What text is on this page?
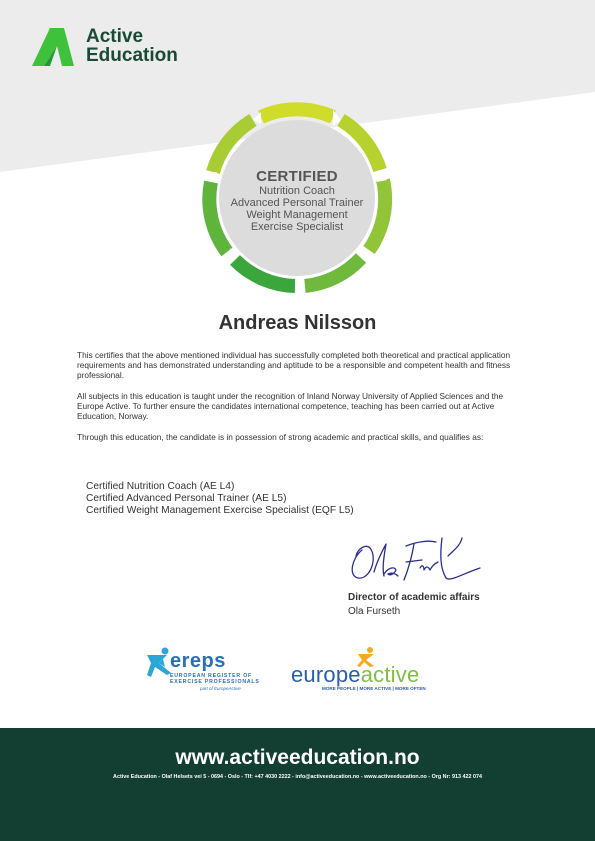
Active
Education
CERTIFIED
Nutrition Coach
Advanced Personal Trainer
Weight Management
Exercise Specialist
Andreas Nilsson

This certifies that the above mentioned individual has successfully completed both theoretical and practical application requirements and has demonstrated understanding and aptitude to be a responsible and competent health and fitness professional.

All subjects in this education is taught under the recognition of Inland Norway University of Applied Sciences and the Europe Active. To further ensure the candidates international competence, teaching has been carried out at Active Education, Norway.

Through this education, the candidate is in possession of strong academic and practical skills, and qualifies as:

Certified Nutrition Coach (AE L4)
Certified Advanced Personal Trainer (AE L5)
Certified Weight Management Exercise Specialist (EQF L5)
Director of academic affairs
Ola Furseth
ereps
EUROPEAN REGISTER OF
EXERCISE PROFESSIONALS
part of EuropeActive
europeactive
MORE PEOPLE | MORE ACTIVE | MORE OFTEN
www.activeeducation.no
Active Education - Olaf Helsets vei 5 - 0694 - Oslo - Tlf: +47 4030 2222 - info@activeeducation.no - www.activeeducation.no - Org Nr: 913 422 074
